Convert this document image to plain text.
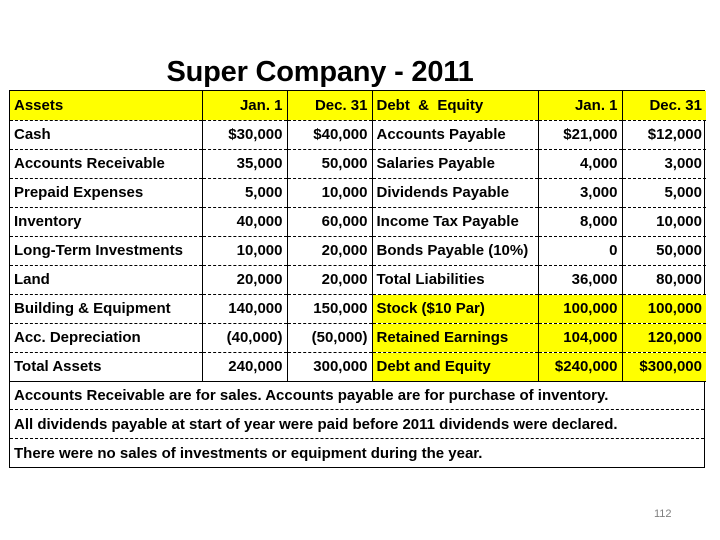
Super Company - 2011
Assets	Jan. 1	Dec. 31	Debt  &  Equity	Jan. 1	Dec. 31
Cash	$30,000	$40,000	Accounts Payable	$21,000	$12,000
Accounts Receivable	35,000	50,000	Salaries Payable	4,000	3,000
Prepaid Expenses	5,000	10,000	Dividends Payable	3,000	5,000
Inventory	40,000	60,000	Income Tax Payable	8,000	10,000
Long-Term Investments	10,000	20,000	Bonds Payable (10%)	0	50,000
Land	20,000	20,000	Total Liabilities	36,000	80,000
Building & Equipment	140,000	150,000	Stock ($10 Par)	100,000	100,000
Acc. Depreciation	(40,000)	(50,000)	Retained Earnings	104,000	120,000
Total Assets	240,000	300,000	Debt and Equity	$240,000	$300,000
Accounts Receivable are for sales. Accounts payable are for purchase of inventory.
All dividends payable at start of year were paid before 2011 dividends were declared.
There were no sales of investments or equipment during the year.
112
